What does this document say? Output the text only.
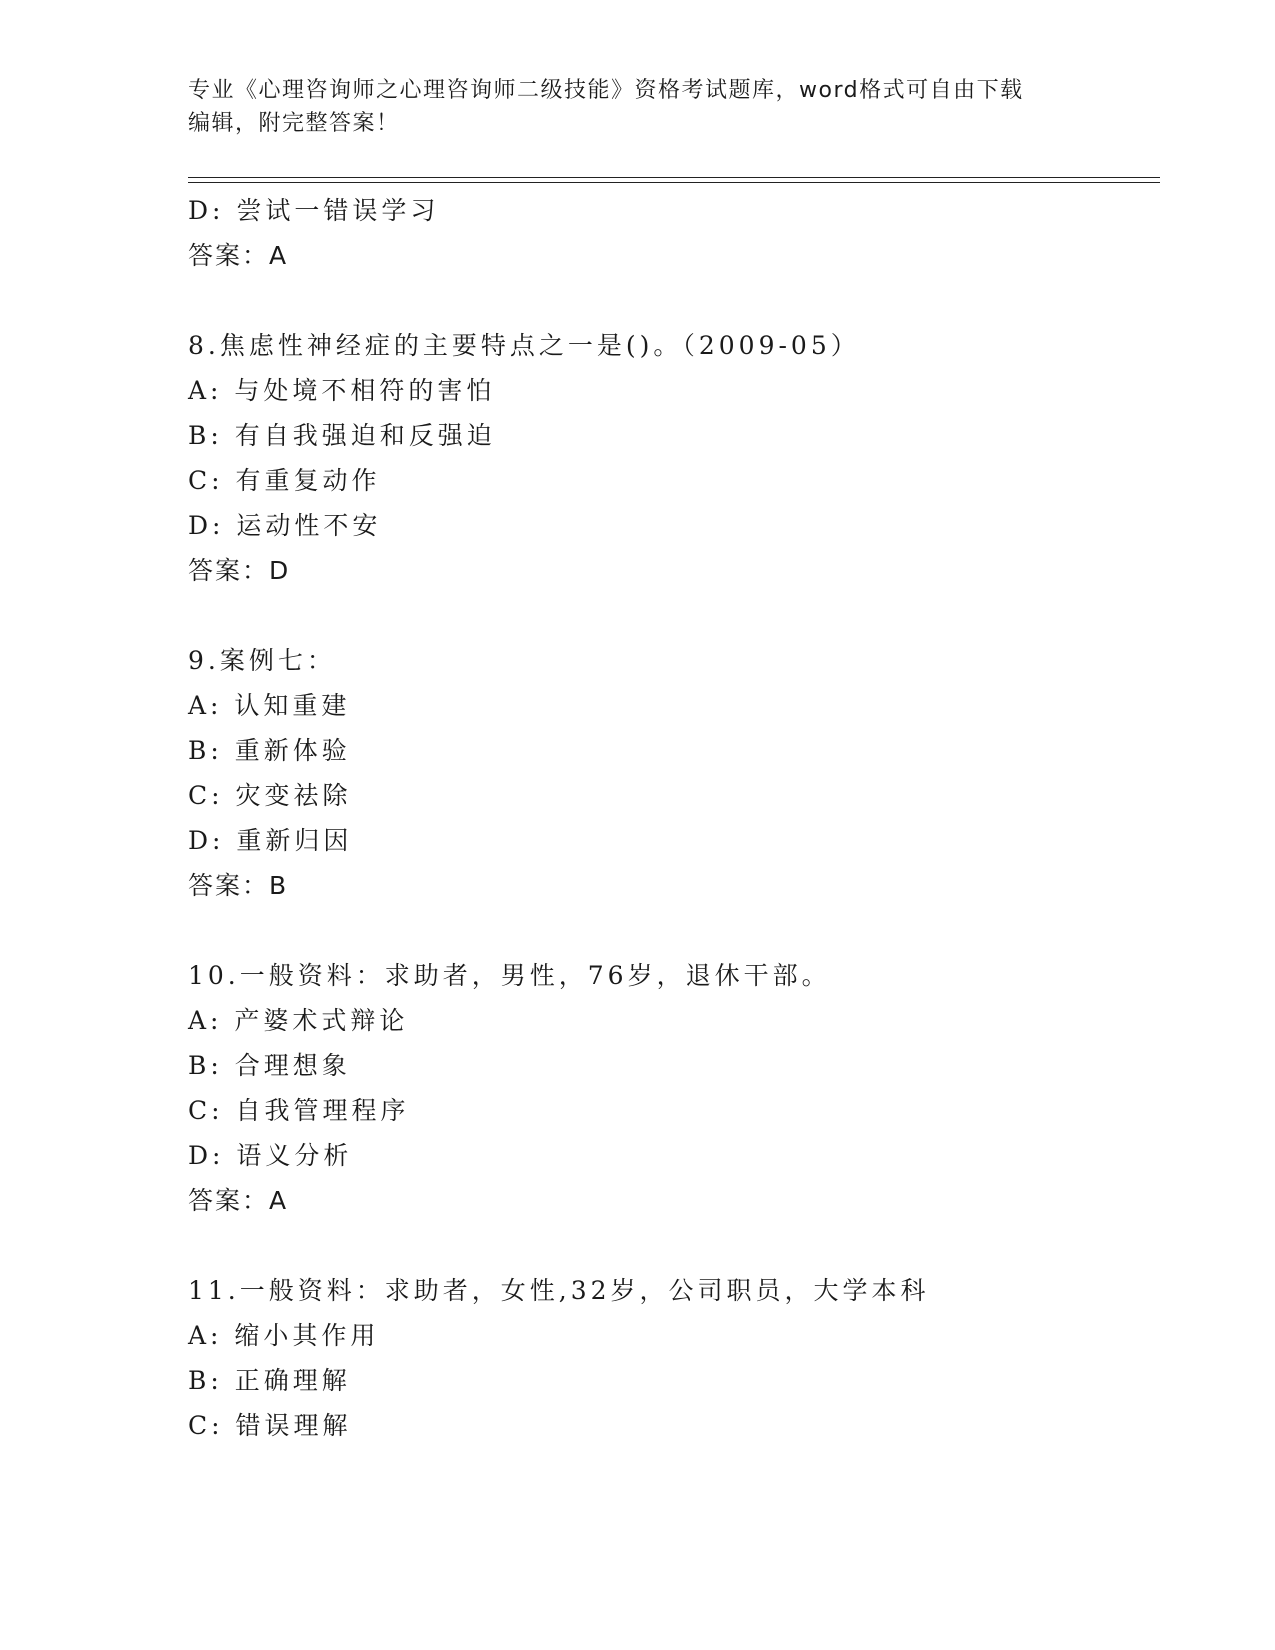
专业《心理咨询师之心理咨询师二级技能》资格考试题库，word格式可自由下载
编辑，附完整答案！
D: 尝试一错误学习
答案：A
8.焦虑性神经症的主要特点之一是()。（2009-05）
A: 与处境不相符的害怕
B: 有自我强迫和反强迫
C: 有重复动作
D: 运动性不安
答案：D
9.案例七：
A: 认知重建
B: 重新体验
C: 灾变祛除
D: 重新归因
答案：B
10.一般资料：求助者，男性，76岁，退休干部。
A: 产婆术式辩论
B: 合理想象
C: 自我管理程序
D: 语义分析
答案：A
11.一般资料：求助者，女性,32岁，公司职员，大学本科
A: 缩小其作用
B: 正确理解
C: 错误理解
